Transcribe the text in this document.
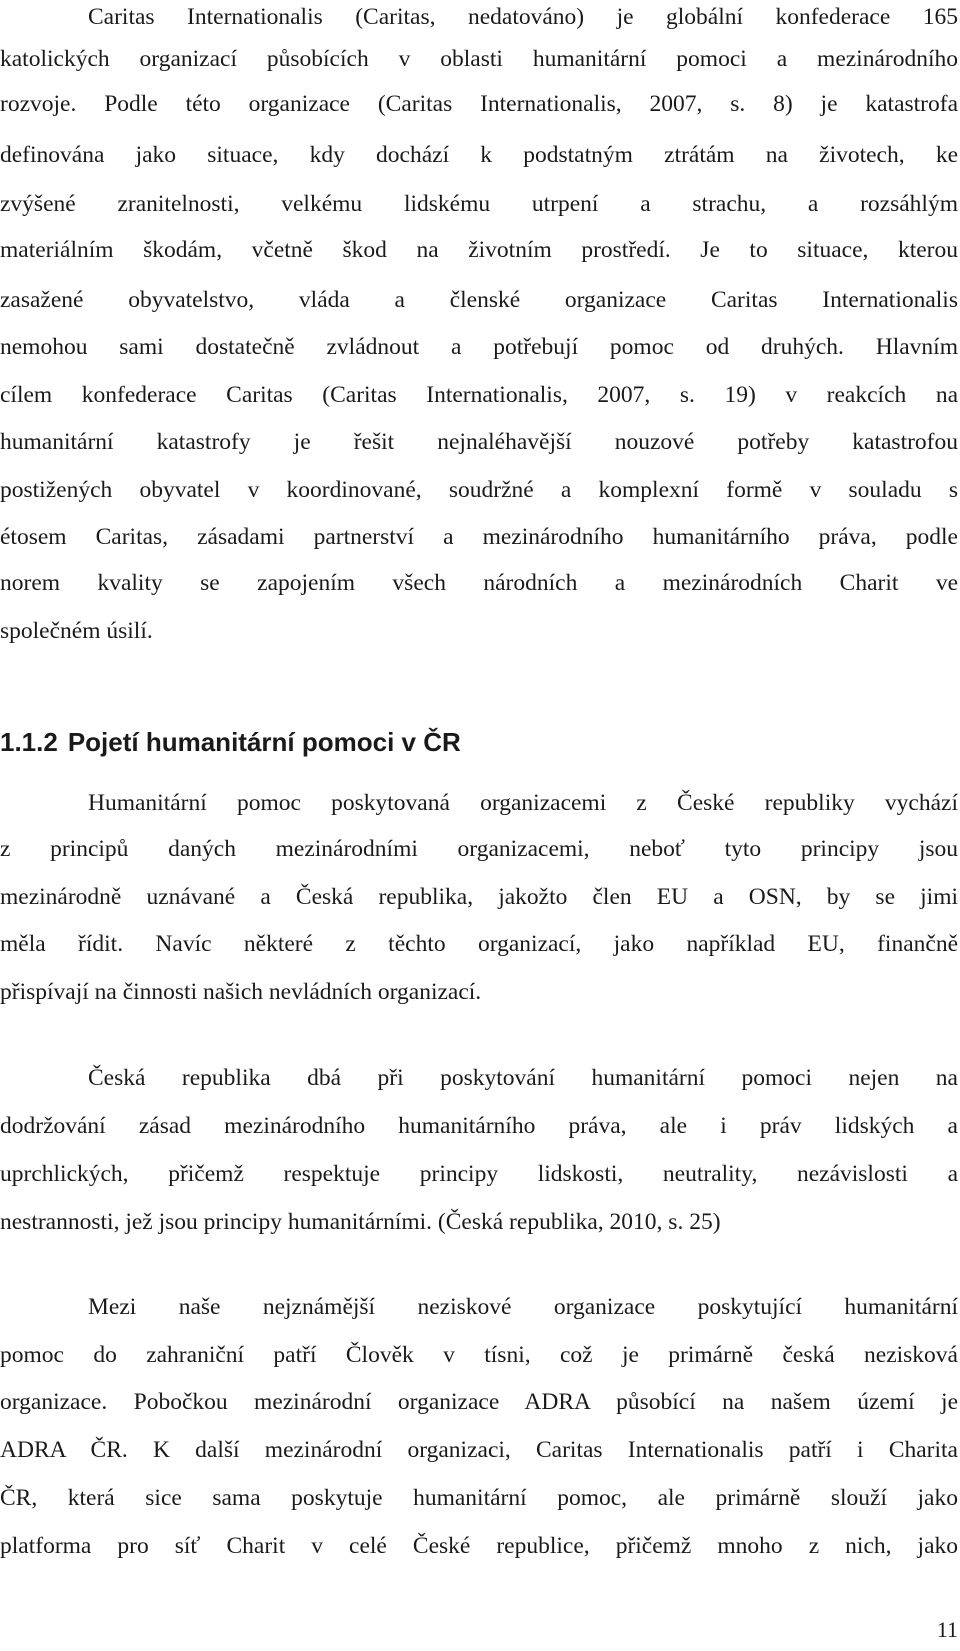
Caritas Internationalis (Caritas, nedatováno) je globální konfederace 165
katolických organizací působících v oblasti humanitární pomoci a mezinárodního
rozvoje. Podle této organizace (Caritas Internationalis, 2007, s. 8) je katastrofa
definována jako situace, kdy dochází k podstatným ztrátám na životech, ke
zvýšené zranitelnosti, velkému lidskému utrpení a strachu, a rozsáhlým
materiálním škodám, včetně škod na životním prostředí. Je to situace, kterou
zasažené obyvatelstvo, vláda a členské organizace Caritas Internationalis
nemohou sami dostatečně zvládnout a potřebují pomoc od druhých. Hlavním
cílem konfederace Caritas (Caritas Internationalis, 2007, s. 19) v reakcích na
humanitární katastrofy je řešit nejnaléhavější nouzové potřeby katastrofou
postižených obyvatel v koordinované, soudržné a komplexní formě v souladu s
étosem Caritas, zásadami partnerství a mezinárodního humanitárního práva, podle
norem kvality se zapojením všech národních a mezinárodních Charit ve
společném úsilí.
1.1.2 Pojetí humanitární pomoci v ČR
Humanitární pomoc poskytovaná organizacemi z České republiky vychází
z principů daných mezinárodními organizacemi, neboť tyto principy jsou
mezinárodně uznávané a Česká republika, jakožto člen EU a OSN, by se jimi
měla řídit. Navíc některé z těchto organizací, jako například EU, finančně
přispívají na činnosti našich nevládních organizací.
Česká republika dbá při poskytování humanitární pomoci nejen na
dodržování zásad mezinárodního humanitárního práva, ale i práv lidských a
uprchlických, přičemž respektuje principy lidskosti, neutrality, nezávislosti a
nestrannosti, jež jsou principy humanitárními. (Česká republika, 2010, s. 25)
Mezi naše nejznámější neziskové organizace poskytující humanitární
pomoc do zahraniční patří Člověk v tísni, což je primárně česká nezisková
organizace. Pobočkou mezinárodní organizace ADRA působící na našem území je
ADRA ČR. K další mezinárodní organizaci, Caritas Internationalis patří i Charita
ČR, která sice sama poskytuje humanitární pomoc, ale primárně slouží jako
platforma pro síť Charit v celé České republice, přičemž mnoho z nich, jako
11
